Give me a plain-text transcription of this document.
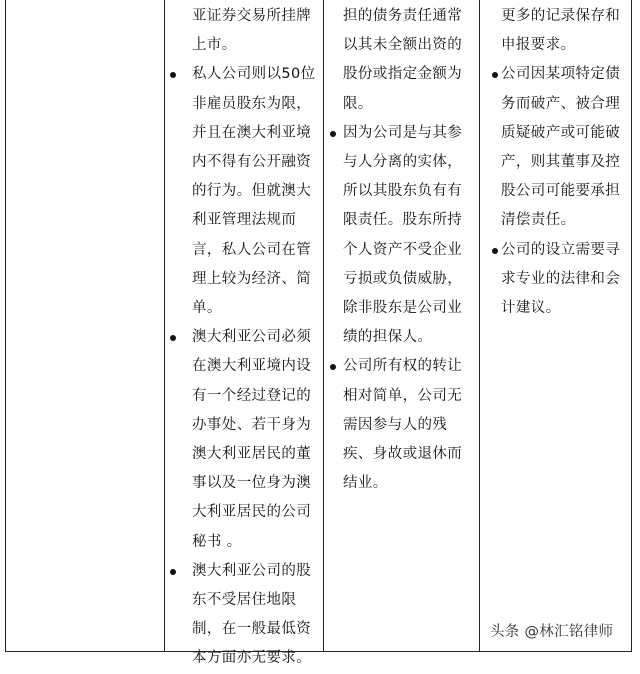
亚证券交易所挂牌上市。
私人公司则以50位非雇员股东为限，并且在澳大利亚境内不得有公开融资的行为。但就澳大利亚管理法规而言，私人公司在管理上较为经济、简单。
澳大利亚公司必须在澳大利亚境内设有一个经过登记的办事处、若干身为澳大利亚居民的董事以及一位身为澳大利亚居民的公司秘书 。
澳大利亚公司的股东不受居住地限制，在一般最低资本方面亦无要求。
担的债务责任通常以其未全额出资的股份或指定金额为限。
因为公司是与其参与人分离的实体，所以其股东负有有限责任。股东所持个人资产不受企业亏损或负债威胁，除非股东是公司业绩的担保人。
公司所有权的转让相对简单，公司无需因参与人的残疾、身故或退休而结业。
更多的记录保存和申报要求。
公司因某项特定债务而破产、被合理质疑破产或可能破产，则其董事及控股公司可能要承担清偿责任。
公司的设立需要寻求专业的法律和会计建议。
头条 @林汇铭律师
